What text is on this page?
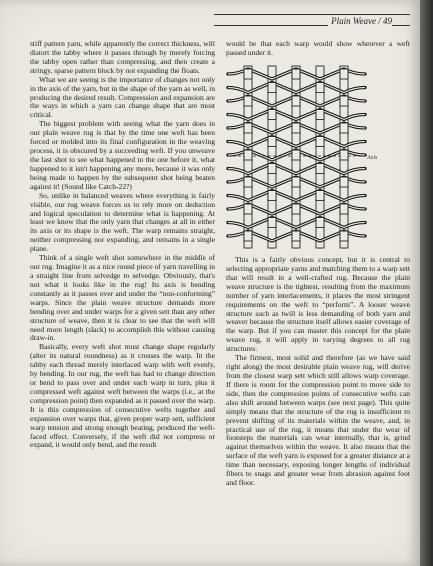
Plain Weave / 49

stiff pattern yarn, while apparently the correct thickness, will distort the tabby where it passes through by merely forcing the tabby open rather than compressing, and then create a stringy, sparse pattern block by not expanding the floats.

What we are seeing is the importance of changes not only in the axis of the yarn, but in the shape of the yarn as well, in producing the desired result. Compression and expansion are the ways in which a yarn can change shape that are most critical.

The biggest problem with seeing what the yarn does in our plain weave rug is that by the time one weft has been forced or molded into its final configuration in the weaving process, it is obscured by a succeeding weft. If you unweave the last shot to see what happened to the one before it, what happened to it isn't happening any more, because it was only being made to happen by the subsequent shot being beaten against it! (Sound like Catch-22?)

So, unlike in balanced weaves where everything is fairly visible, our rug weave forces us to rely more on deduction and logical speculation to determine what is happening. At least we know that the only yarn that changes at all in either its axis or its shape is the weft. The warp remains straight, neither compressing nor expanding, and remains in a single plane.

Think of a single weft shot somewhere in the middle of our rug. Imagine it as a nice round piece of yarn travelling in a straight line from selvedge to selvedge. Obviously, that's not what it looks like in the rug! Its axis is bending constantly as it passes over and under the “non-conforming” warps. Since the plain weave structure demands more bending over and under warps for a given sett than any other structure of weave, then it is clear to see that the weft will need more length (slack) to accomplish this without causing draw-in.

Basically, every weft shot must change shape regularly (alter its natural roundness) as it crosses the warp. In the tabby each thread merely interlaced warp with weft evenly, by bending. In our rug, the weft has had to change direction or bend to pass over and under each warp in turn, plus it compressed weft against weft between the warps (i.e., at the compression point) then expanded as it passed over the warp. It is this compression of consecutive wefts together and expansion over warps that, given proper warp sett, sufficient warp tension and strong enough beating, produced the weft-faced effect. Conversely, if the weft did not compress or expand, it would only bend, and the result

would be that each warp would show wherever a weft passed under it.

Axis

This is a fairly obvious concept, but it is central to selecting appropriate yarns and matching them to a warp sett that will result in a well-crafted rug. Because the plain weave structure is the tightest, resulting from the maximum number of yarn interlacements, it places the most stringent requirements on the weft to “perform”. A looser weave structure such as twill is less demanding of both yarn and weaver because the structure itself allows easier coverage of the warp. But if you can master this concept for the plain weave rug, it will apply in varying degrees to all rug structures.

The firmest, most solid and therefore (as we have said right along) the most desirable plain weave rug, will derive from the closest warp sett which still allows warp coverage. If there is room for the compression point to move side to side, then the compression points of consecutive wefts can also shift around between warps (see next page). This quite simply means that the structure of the rug is insufficient to prevent shifting of its materials within the weave, and, in practical use of the rug, it means that under the wear of footsteps the materials can wear internally, that is, grind against themselves within the weave. It also means that the surface of the weft yarn is exposed for a greater distance at a time than necessary, exposing longer lengths of individual fibers to snags and greater wear from abrasion against foot and floor.
